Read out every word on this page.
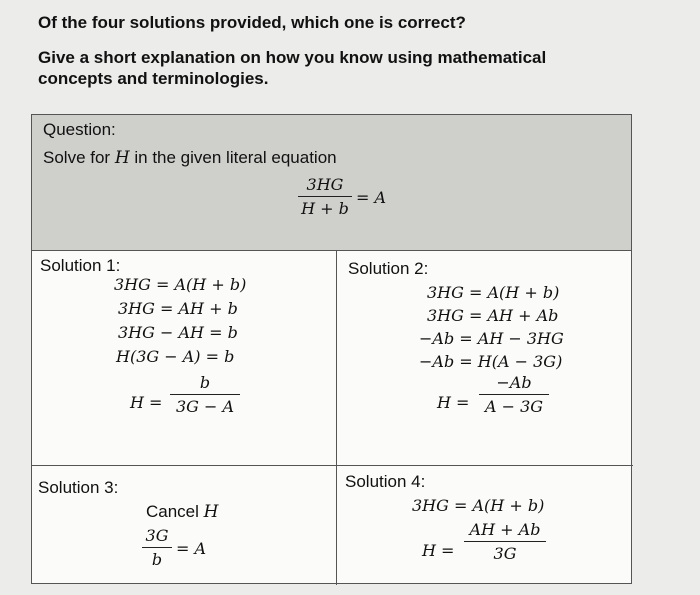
Of the four solutions provided, which one is correct?

Give a short explanation on how you know using mathematical

concepts and terminologies.

Question:
Solve for H in the given literal equation
3HG
H + b
= A
Solution 1:
3HG = A(H + b)
3HG = AH + b
3HG − AH = b
H(3G − A) = b
H =
b
3G − A
Solution 2:
3HG = A(H + b)
3HG = AH + Ab
−Ab = AH − 3HG
−Ab = H(A − 3G)
H =
−Ab
A − 3G
Solution 3:
Cancel H
3G
b
= A
Solution 4:
3HG = A(H + b)
H =
AH + Ab
3G
